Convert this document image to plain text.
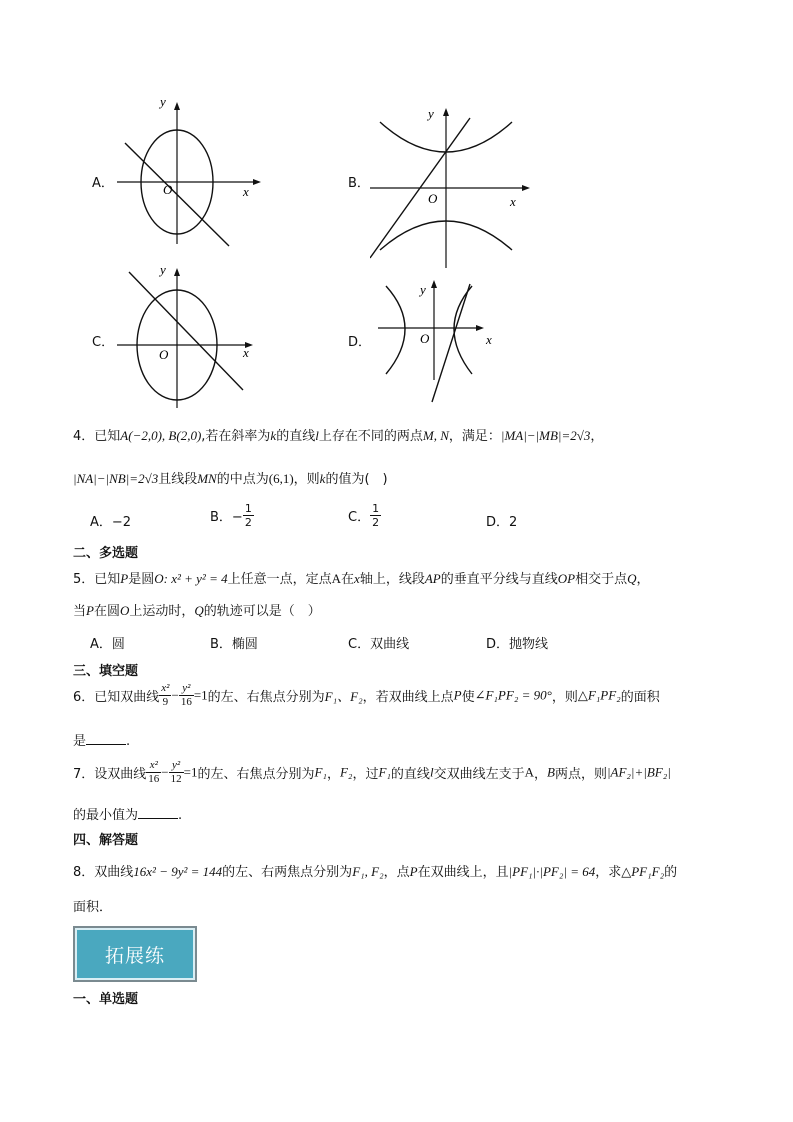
A．
y
x
O	B．
y
x
O
C．
y
x
O
D．
y
x
O
4．已知A(−2,0), B(2,0),若在斜率为k的直线l上存在不同的两点M, N，满足：|MA|−|MB|=2√3，
|NA|−|NB|=2√3且线段MN的中点为(6,1)，则k的值为(　)
A．−2	B．− $\frac{1}{2}$	C． $\frac{1}{2}$	D．2
二、多选题
5．已知P是圆O: x² + y² = 4上任意一点，定点A在x轴上，线段AP的垂直平分线与直线OP相交于点Q，
当P在圆O上运动时，Q的轨迹可以是（　）
A．圆	B．椭圆	C．双曲线	D．抛物线
三、填空题
6．已知双曲线 $\frac{\text{x²}}{9} - \frac{\text{y²}}{16} =1$的左、右焦点分别为F₁、F₂，若双曲线上点P使∠F₁PF₂ = 90°，则△F₁PF₂的面积
是	.
7．设双曲线 $\frac{\text{x²}}{16} - \frac{\text{y²}}{12} =1$的左、右焦点分别为F₁，F₂，过F₁的直线l交双曲线左支于A，B两点，则|AF₂|+|BF₂|
的最小值为	.
四、解答题
8．双曲线16x² − 9y² = 144的左、右两焦点分别为F₁, F₂，点P在双曲线上，且|PF₁|·|PF₂| = 64，求△PF₁F₂的
面积．
拓展练
一、单选题
